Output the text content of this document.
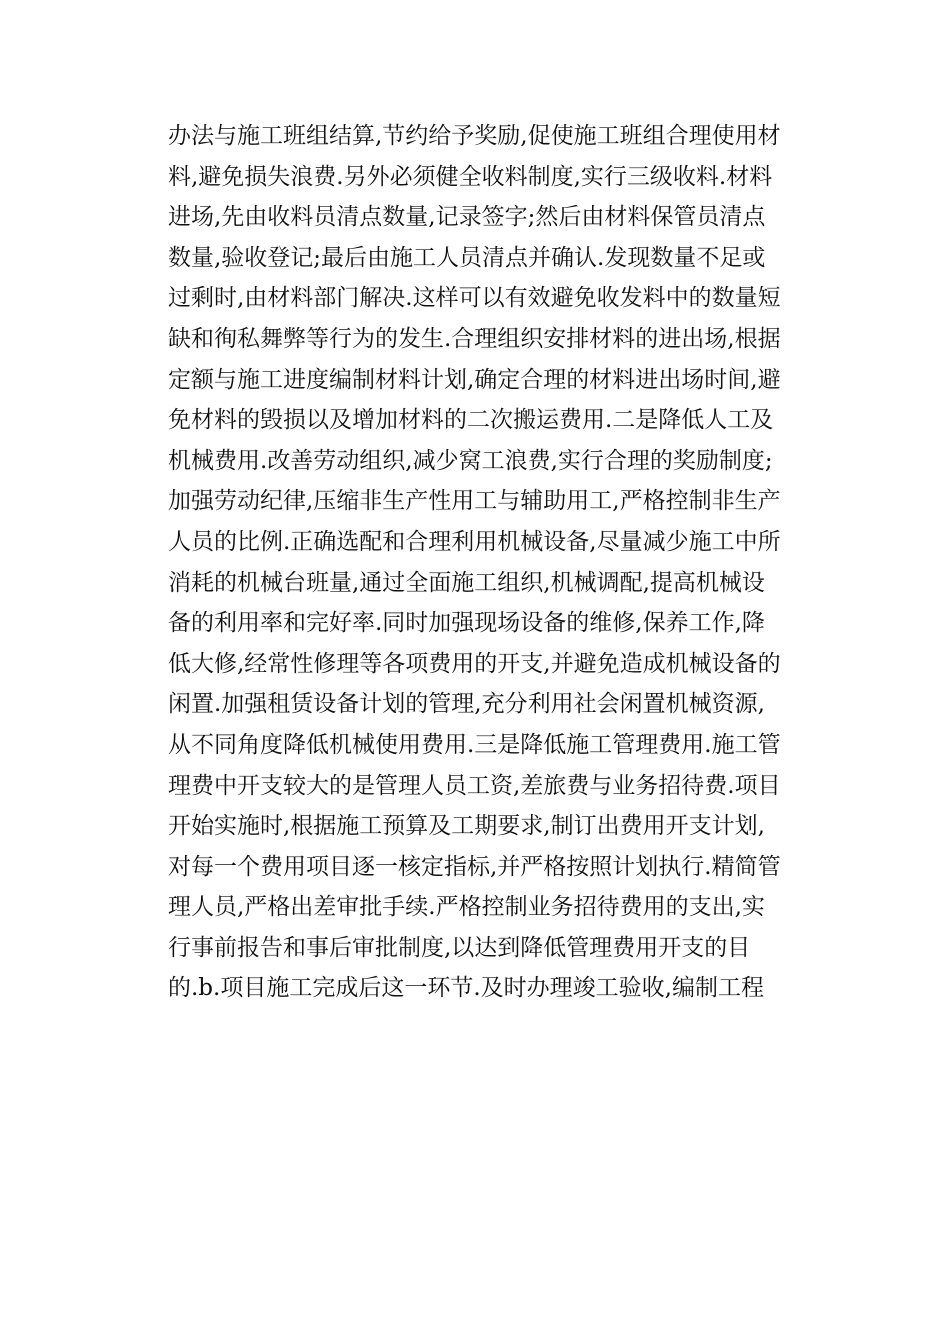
办法与施工班组结算,节约给予奖励,促使施工班组合理使用材
料,避免损失浪费.另外必须健全收料制度,实行三级收料.材料
进场,先由收料员清点数量,记录签字;然后由材料保管员清点
数量,验收登记;最后由施工人员清点并确认.发现数量不足或
过剩时,由材料部门解决.这样可以有效避免收发料中的数量短
缺和徇私舞弊等行为的发生.合理组织安排材料的进出场,根据
定额与施工进度编制材料计划,确定合理的材料进出场时间,避
免材料的毁损以及增加材料的二次搬运费用.二是降低人工及
机械费用.改善劳动组织,减少窝工浪费,实行合理的奖励制度;
加强劳动纪律,压缩非生产性用工与辅助用工,严格控制非生产
人员的比例.正确选配和合理利用机械设备,尽量减少施工中所
消耗的机械台班量,通过全面施工组织,机械调配,提高机械设
备的利用率和完好率.同时加强现场设备的维修,保养工作,降
低大修,经常性修理等各项费用的开支,并避免造成机械设备的
闲置.加强租赁设备计划的管理,充分利用社会闲置机械资源,
从不同角度降低机械使用费用.三是降低施工管理费用.施工管
理费中开支较大的是管理人员工资,差旅费与业务招待费.项目
开始实施时,根据施工预算及工期要求,制订出费用开支计划,
对每一个费用项目逐一核定指标,并严格按照计划执行.精简管
理人员,严格出差审批手续.严格控制业务招待费用的支出,实
行事前报告和事后审批制度,以达到降低管理费用开支的目
的.b.项目施工完成后这一环节.及时办理竣工验收,编制工程
